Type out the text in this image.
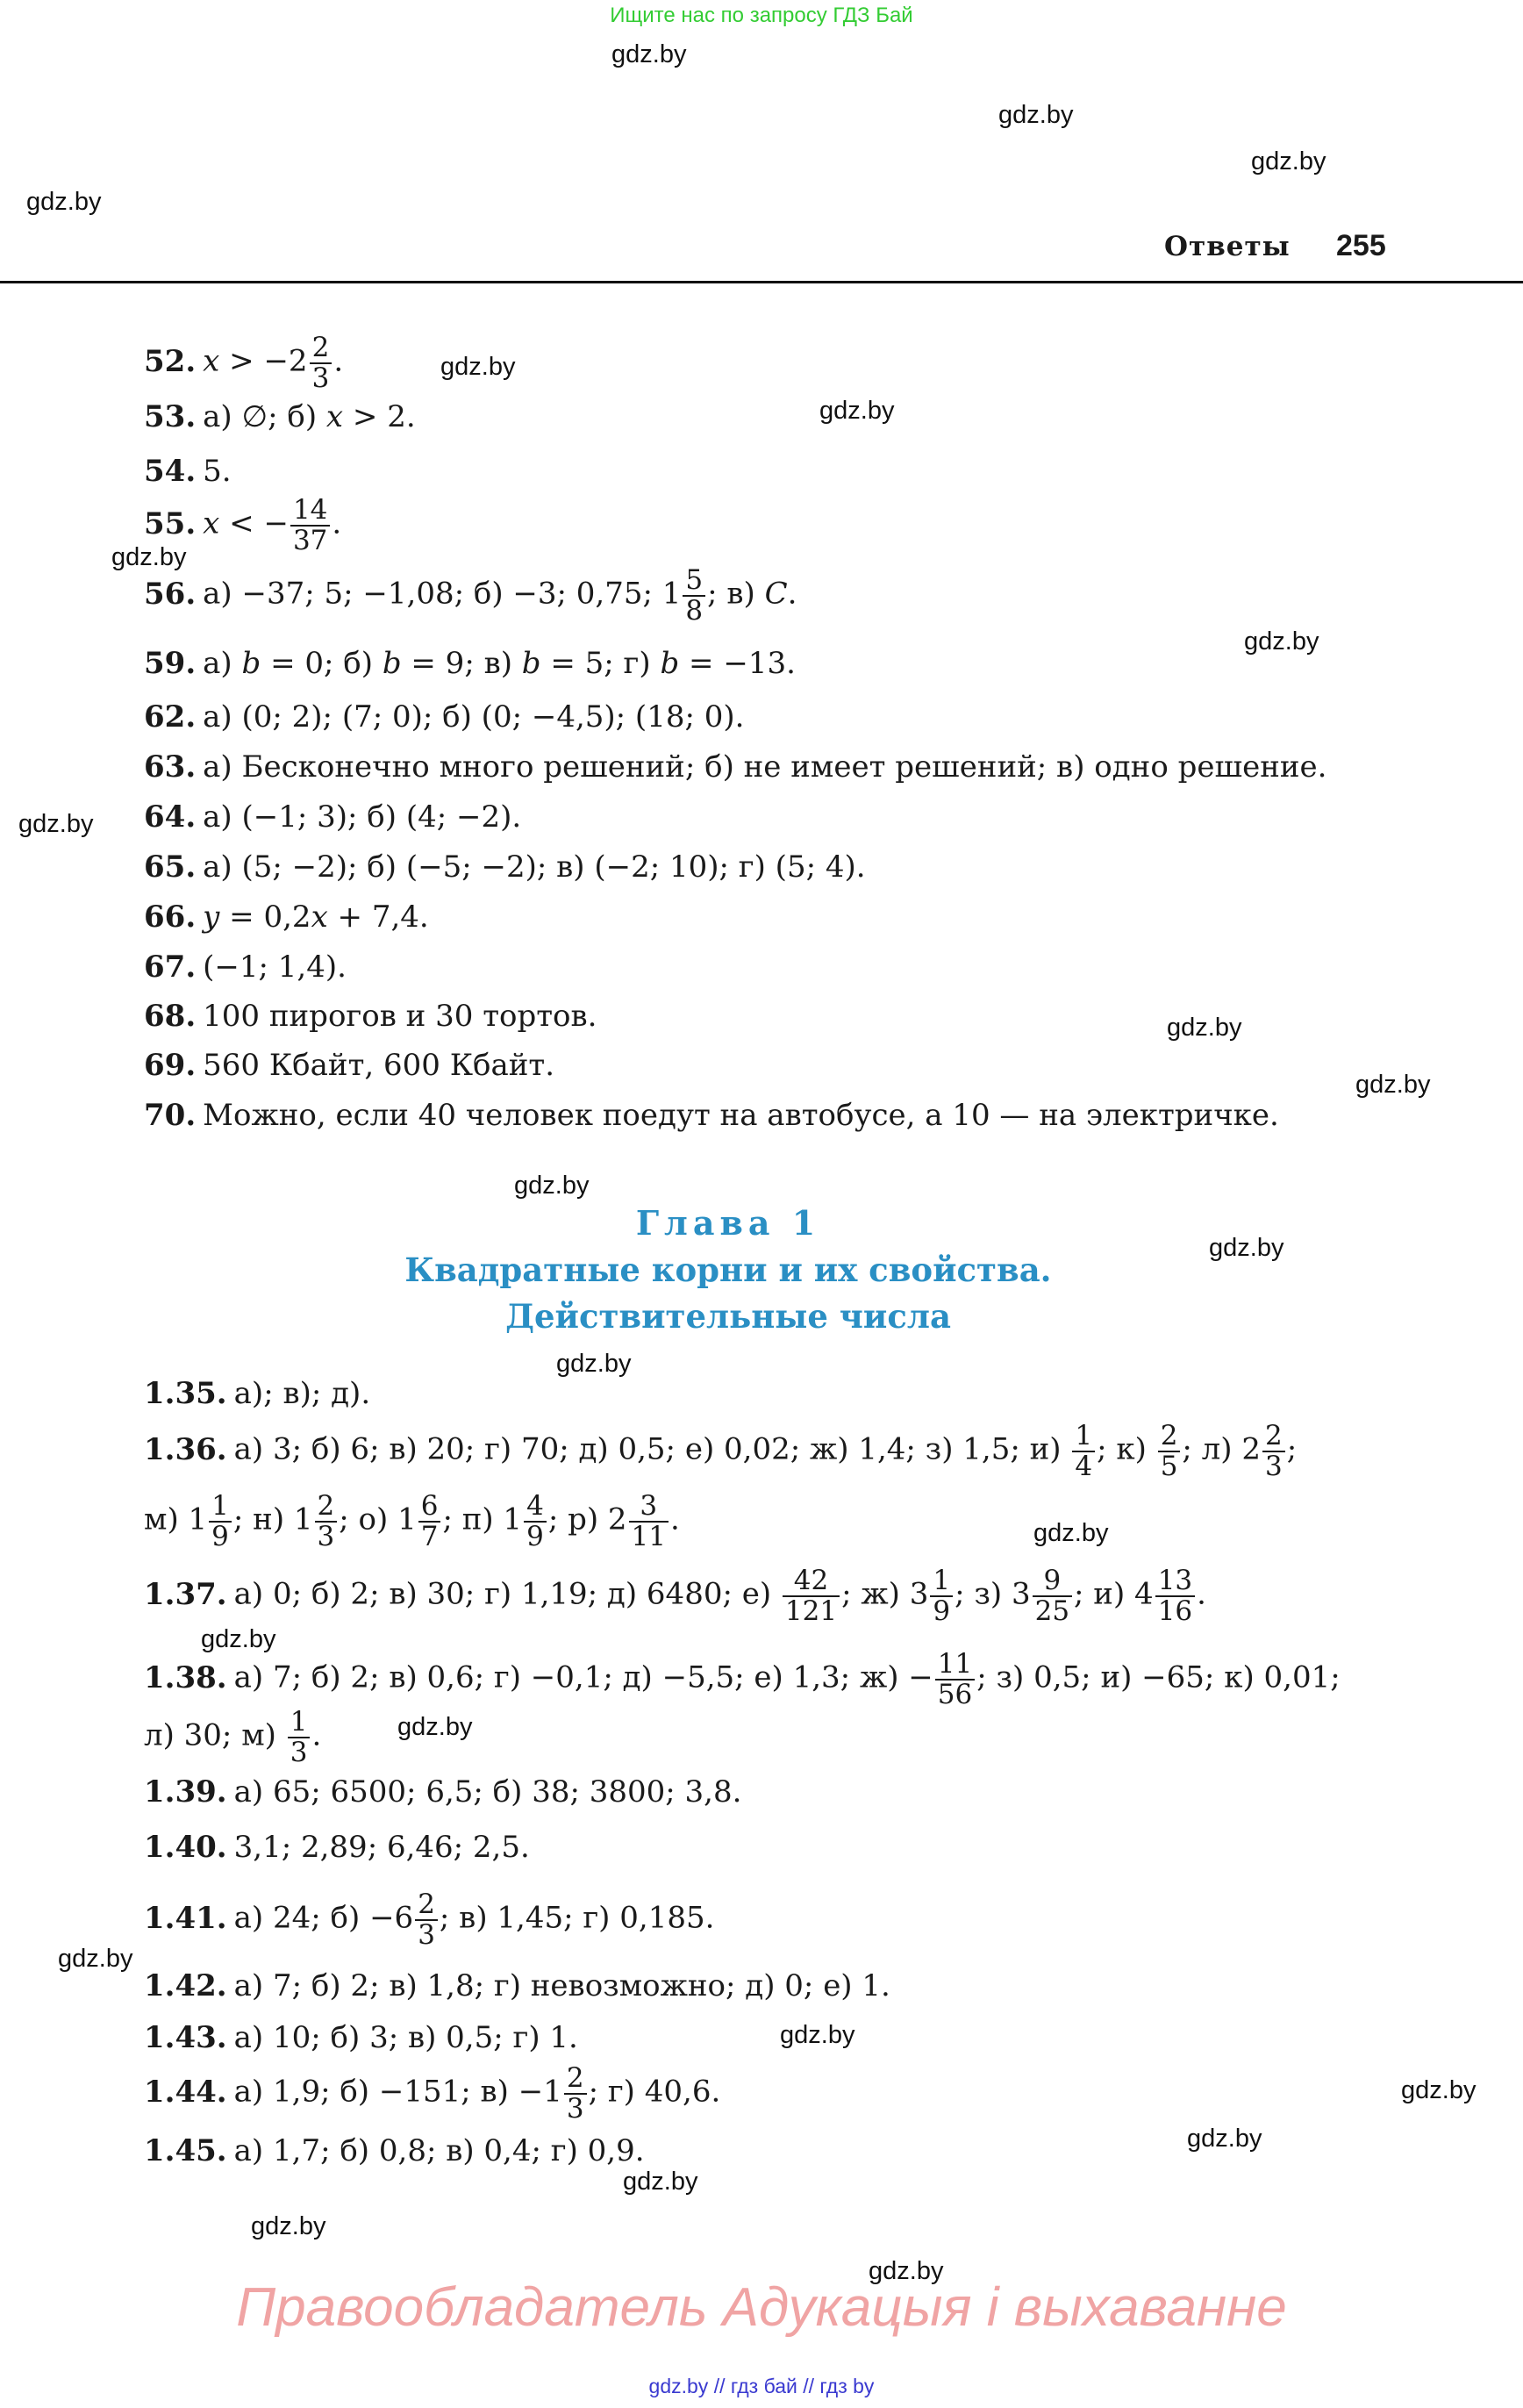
Ищите нас по запросу ГДЗ Бай
gdz.by
gdz.by
gdz.by
gdz.by
gdz.by
gdz.by
gdz.by
gdz.by
gdz.by
gdz.by
gdz.by
gdz.by
gdz.by
gdz.by
gdz.by
gdz.by
gdz.by
gdz.by
gdz.by
gdz.by
gdz.by
gdz.by
gdz.by
gdz.by
Ответы 255
52. $x > -2 \frac{2}{3}$ .
53. а) ∅; б) x > 2.
54. 5.
55. x < − $\frac{14}{37}$ .
56. а) −37; 5; −1,08; б) −3; 0,75; $1 \frac{5}{8}$ ; в) C.
59. а) b = 0; б) b = 9; в) b = 5; г) b = −13.
62. а) (0; 2); (7; 0); б) (0; −4,5); (18; 0).
63. а) Бесконечно много решений; б) не имеет решений; в) одно решение.
64. а) (−1; 3); б) (4; −2).
65. а) (5; −2); б) (−5; −2); в) (−2; 10); г) (5; 4).
66. y = 0,2x + 7,4.
67. (−1; 1,4).
68. 100 пирогов и 30 тортов.
69. 560 Кбайт, 600 Кбайт.
70. Можно, если 40 человек поедут на автобусе, а 10 — на электричке.
Глава 1
Квадратные корни и их свойства.
Действительные числа
1.35. а); в); д).
1.36. а) 3; б) 6; в) 20; г) 70; д) 0,5; е) 0,02; ж) 1,4; з) 1,5; $и) \frac{1}{4}$ ; $к) \frac{2}{5}$ ; л) $2 \frac{2}{3}$ ;
м) $1 \frac{1}{9}$ ; н) $1 \frac{2}{3}$ ; о) $1 \frac{6}{7}$ ; п) $1 \frac{4}{9}$ ; р) $2 \frac{3}{11}$ .
1.37. а) 0; б) 2; в) 30; г) 1,19; д) 6480; $е) \frac{42}{121}$ ; ж) $3 \frac{1}{9}$ ; з) $3 \frac{9}{25}$ ; и) $4 \frac{13}{16}$ .
1.38. а) 7; б) 2; в) 0,6; г) −0,1; д) −5,5; е) 1,3; $ж) - \frac{11}{56}$ ; з) 0,5; и) −65; к) 0,01;
л) 30; $м) \frac{1}{3}$ .
1.39. а) 65; 6500; 6,5; б) 38; 3800; 3,8.
1.40. 3,1; 2,89; 6,46; 2,5.
1.41. а) 24; $б) -6 \frac{2}{3}$ ; в) 1,45; г) 0,185.
1.42. а) 7; б) 2; в) 1,8; г) невозможно; д) 0; е) 1.
1.43. а) 10; б) 3; в) 0,5; г) 1.
1.44. а) 1,9; б) −151; $в) -1 \frac{2}{3}$ ; г) 40,6.
1.45. а) 1,7; б) 0,8; в) 0,4; г) 0,9.
Правообладатель Адукацыя і выхаванне
gdz.by // гдз бай // гдз by
